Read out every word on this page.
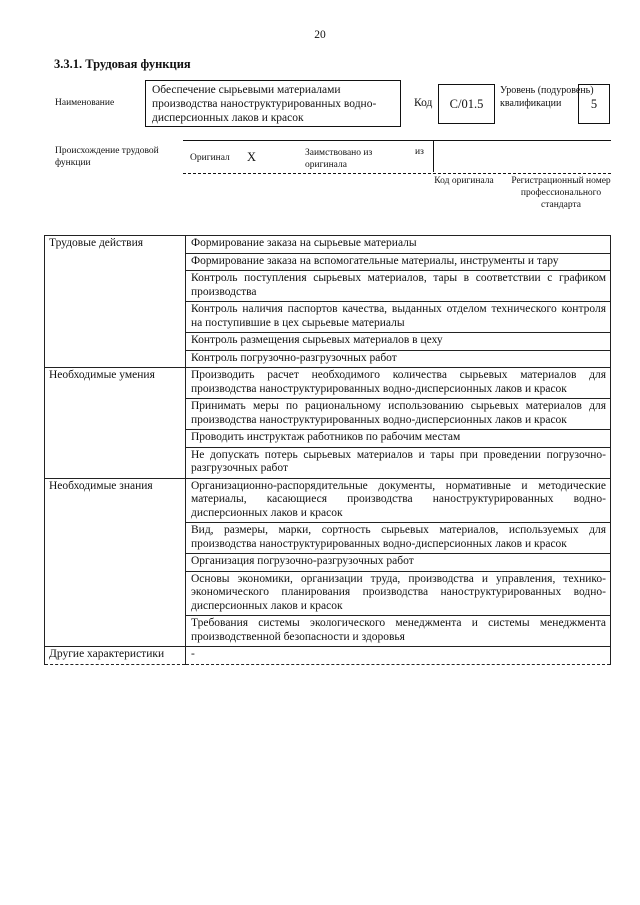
20
3.3.1. Трудовая функция
Наименование
Обеспечение сырьевыми материалами производства наноструктурированных водно-дисперсионных лаков и красок
Код	C/01.5
Уровень (подуровень) квалификации	5
Происхождение трудовой функции	Оригинал X	Заимствовано из оригинала
из
Код оригинала	Регистрационный номер профессионального стандарта
Трудовые действия	Формирование заказа на сырьевые материалы
	Формирование заказа на вспомогательные материалы, инструменты и тару
	Контроль поступления сырьевых материалов, тары в соответствии с графиком производства
	Контроль наличия паспортов качества, выданных отделом технического контроля на поступившие в цех сырьевые материалы
	Контроль размещения сырьевых материалов в цеху
	Контроль погрузочно-разгрузочных работ
Необходимые умения	Производить расчет необходимого количества сырьевых материалов для производства наноструктурированных водно-дисперсионных лаков и красок
	Принимать меры по рациональному использованию сырьевых материалов для производства наноструктурированных водно-дисперсионных лаков и красок
	Проводить инструктаж работников по рабочим местам
	Не допускать потерь сырьевых материалов и тары при проведении погрузочно-разгрузочных работ
Необходимые знания	Организационно-распорядительные документы, нормативные и методические материалы, касающиеся производства наноструктурированных водно-дисперсионных лаков и красок
	Вид, размеры, марки, сортность сырьевых материалов, используемых для производства наноструктурированных водно-дисперсионных лаков и красок
	Организация погрузочно-разгрузочных работ
	Основы экономики, организации труда, производства и управления, технико-экономического планирования производства наноструктурированных водно-дисперсионных лаков и красок
	Требования системы экологического менеджмента и системы менеджмента производственной безопасности и здоровья
Другие характеристики	-
